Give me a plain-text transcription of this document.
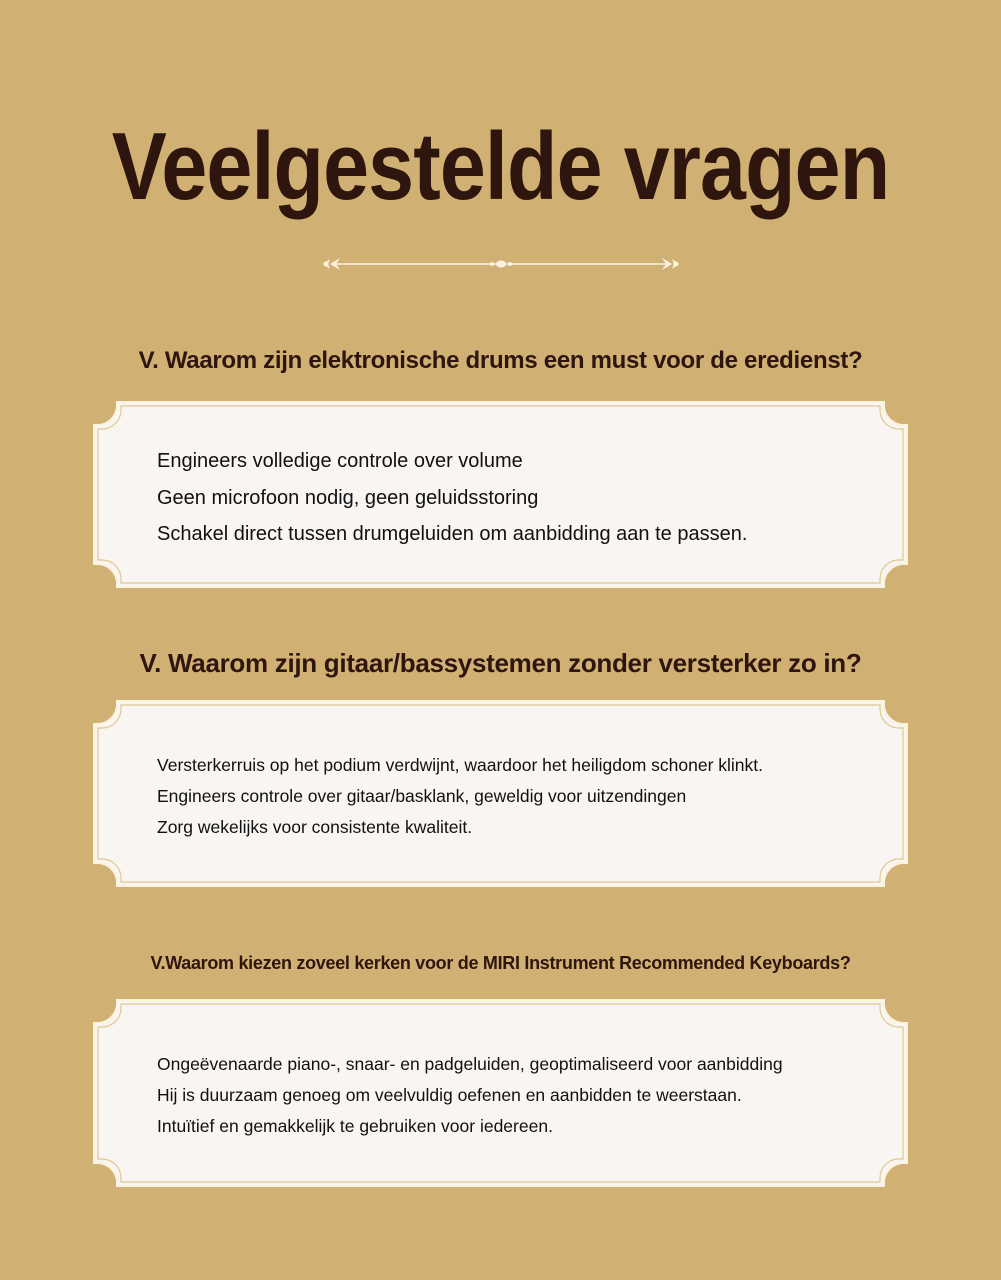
Veelgestelde vragen
V. Waarom zijn elektronische drums een must voor de eredienst?
Engineers volledige controle over volume
Geen microfoon nodig, geen geluidsstoring
Schakel direct tussen drumgeluiden om aanbidding aan te passen.
V. Waarom zijn gitaar/bassystemen zonder versterker zo in?
Versterkerruis op het podium verdwijnt, waardoor het heiligdom schoner klinkt.
Engineers controle over gitaar/basklank, geweldig voor uitzendingen
Zorg wekelijks voor consistente kwaliteit.
V.Waarom kiezen zoveel kerken voor de MIRI Instrument Recommended Keyboards?
Ongeëvenaarde piano-, snaar- en padgeluiden, geoptimaliseerd voor aanbidding
Hij is duurzaam genoeg om veelvuldig oefenen en aanbidden te weerstaan.
Intuïtief en gemakkelijk te gebruiken voor iedereen.
